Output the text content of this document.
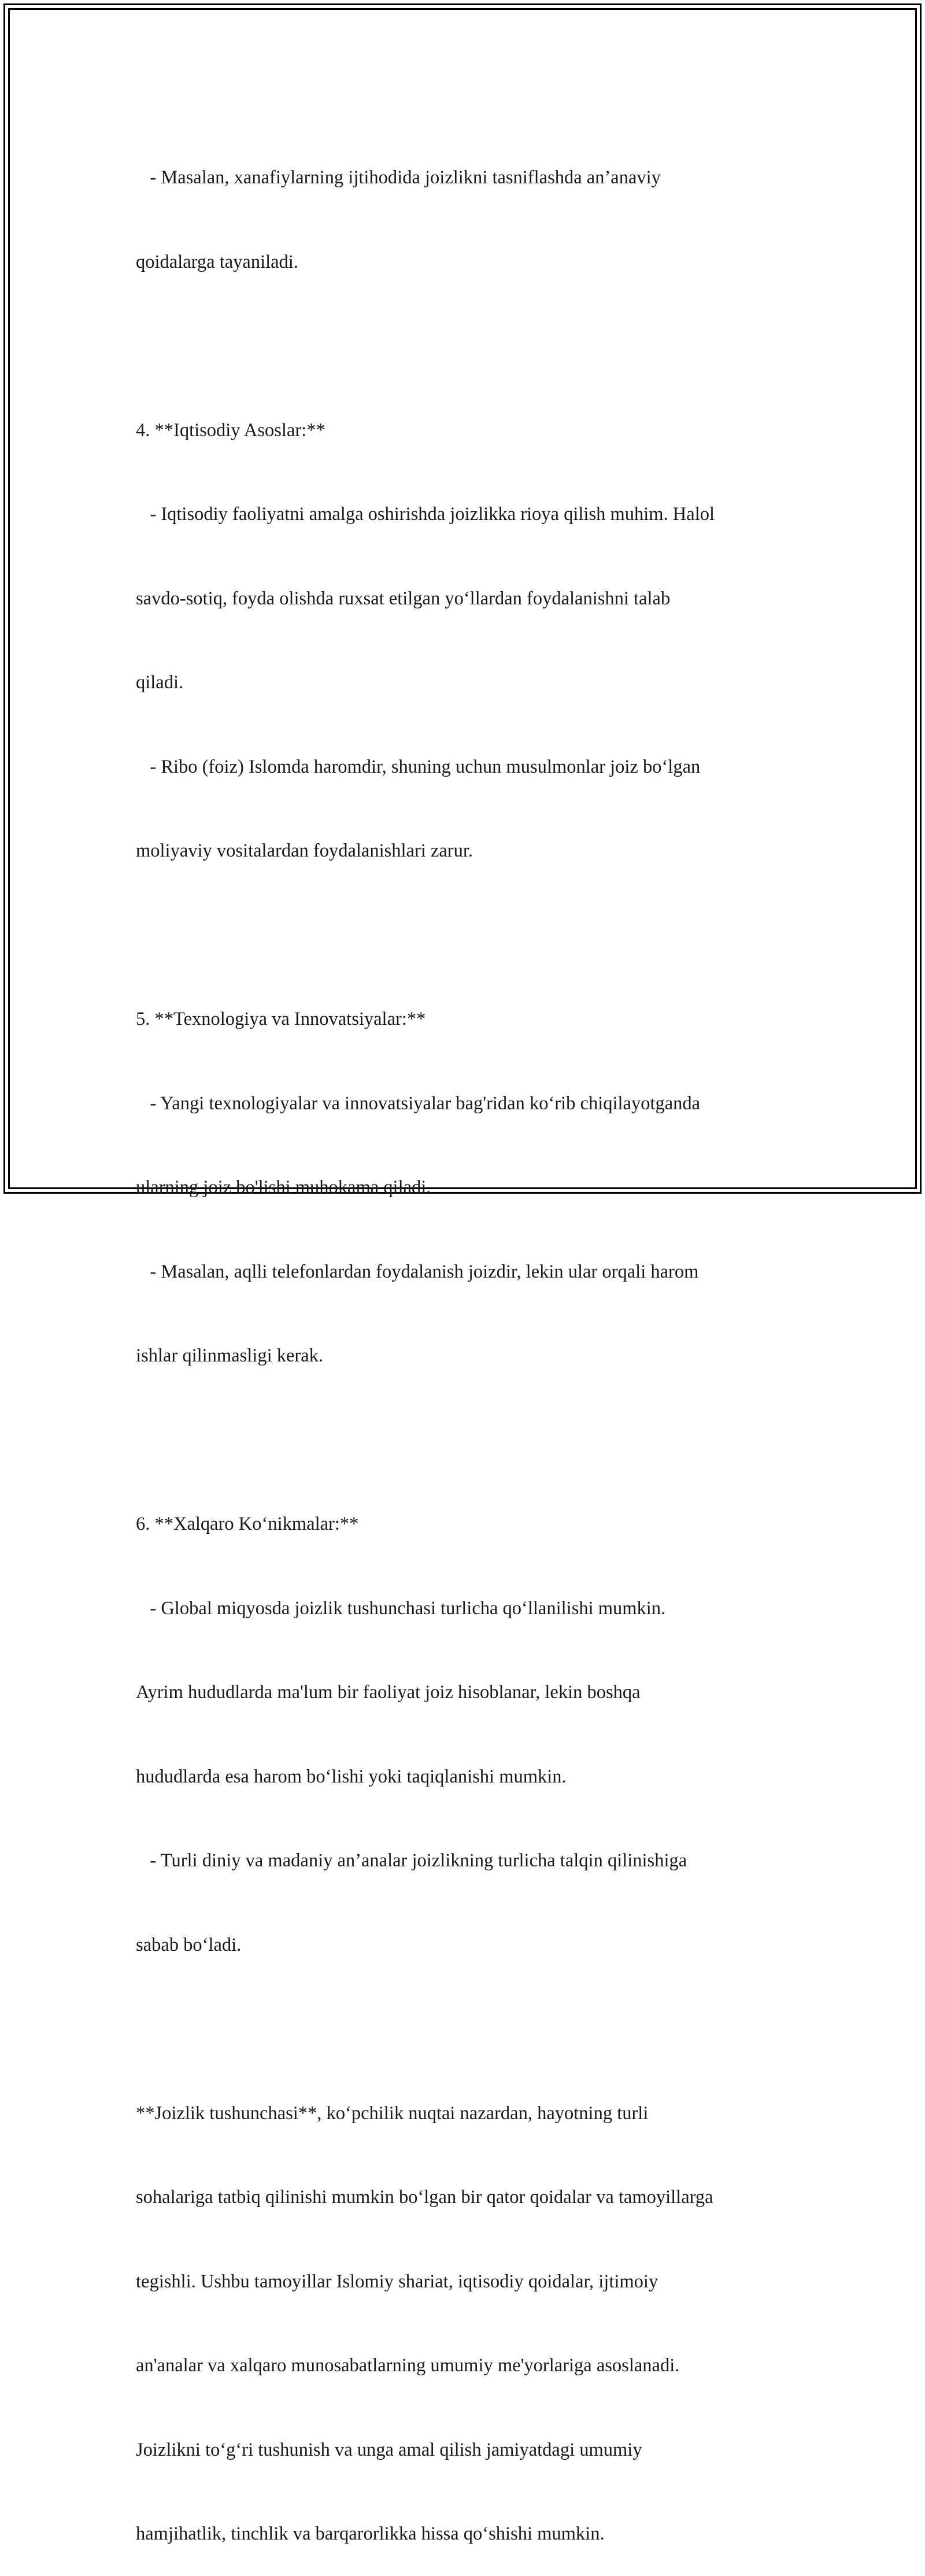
- Masalan, xanafiylarning ijtihodida joizlikni tasniflashda an’anaviy

qoidalarga tayaniladi.

4. **Iqtisodiy Asoslar:**

- Iqtisodiy faoliyatni amalga oshirishda joizlikka rioya qilish muhim. Halol

savdo-sotiq, foyda olishda ruxsat etilgan yo‘llardan foydalanishni talab

qiladi.

- Ribo (foiz) Islomda haromdir, shuning uchun musulmonlar joiz bo‘lgan

moliyaviy vositalardan foydalanishlari zarur.

5. **Texnologiya va Innovatsiyalar:**

- Yangi texnologiyalar va innovatsiyalar bag'ridan ko‘rib chiqilayotganda

ularning joiz bo'lishi muhokama qiladi.

- Masalan, aqlli telefonlardan foydalanish joizdir, lekin ular orqali harom

ishlar qilinmasligi kerak.

6. **Xalqaro Ko‘nikmalar:**

- Global miqyosda joizlik tushunchasi turlicha qo‘llanilishi mumkin.

Ayrim hududlarda ma'lum bir faoliyat joiz hisoblanar, lekin boshqa

hududlarda esa harom bo‘lishi yoki taqiqlanishi mumkin.

- Turli diniy va madaniy an’analar joizlikning turlicha talqin qilinishiga

sabab bo‘ladi.

**Joizlik tushunchasi**, ko‘pchilik nuqtai nazardan, hayotning turli

sohalariga tatbiq qilinishi mumkin bo‘lgan bir qator qoidalar va tamoyillarga

tegishli. Ushbu tamoyillar Islomiy shariat, iqtisodiy qoidalar, ijtimoiy

an'analar va xalqaro munosabatlarning umumiy me'yorlariga asoslanadi.

Joizlikni to‘g‘ri tushunish va unga amal qilish jamiyatdagi umumiy

hamjihatlik, tinchlik va barqarorlikka hissa qo‘shishi mumkin.
